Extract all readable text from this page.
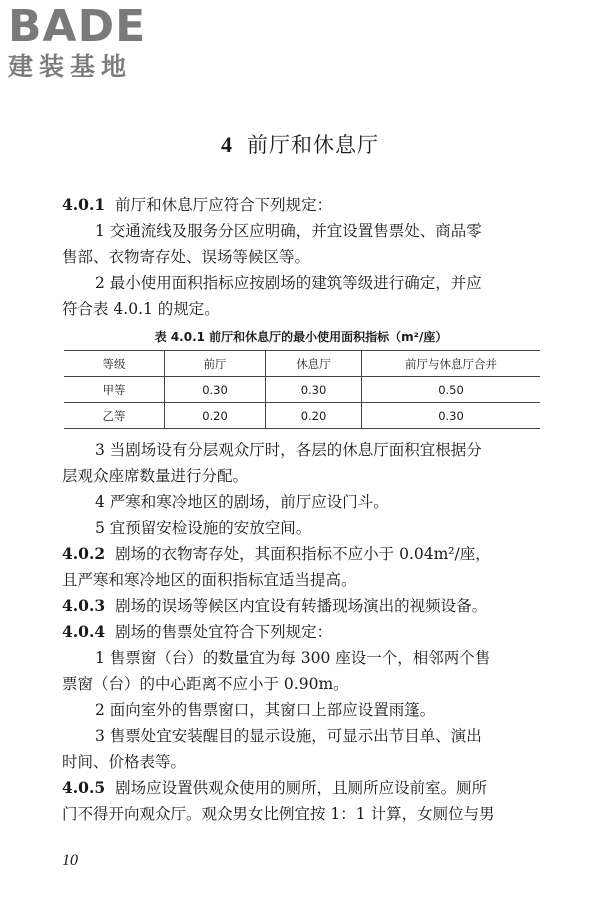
BADE
建装基地
4 前厅和休息厅
4.0.1 前厅和休息厅应符合下列规定：
1 交通流线及服务分区应明确，并宜设置售票处、商品零
售部、衣物寄存处、误场等候区等。
2 最小使用面积指标应按剧场的建筑等级进行确定，并应
符合表 4.0.1 的规定。
表 4.0.1 前厅和休息厅的最小使用面积指标（m²/座）
等级	前厅	休息厅	前厅与休息厅合并
甲等	0.30	0.30	0.50
乙等	0.20	0.20	0.30
3 当剧场设有分层观众厅时，各层的休息厅面积宜根据分
层观众座席数量进行分配。
4 严寒和寒冷地区的剧场，前厅应设门斗。
5 宜预留安检设施的安放空间。
4.0.2 剧场的衣物寄存处，其面积指标不应小于 0.04m²/座，
且严寒和寒冷地区的面积指标宜适当提高。
4.0.3 剧场的误场等候区内宜设有转播现场演出的视频设备。
4.0.4 剧场的售票处宜符合下列规定：
1 售票窗（台）的数量宜为每 300 座设一个，相邻两个售
票窗（台）的中心距离不应小于 0.90m。
2 面向室外的售票窗口，其窗口上部应设置雨篷。
3 售票处宜安装醒目的显示设施，可显示出节目单、演出
时间、价格表等。
4.0.5 剧场应设置供观众使用的厕所，且厕所应设前室。厕所
门不得开向观众厅。观众男女比例宜按 1：1 计算，女厕位与男
10
